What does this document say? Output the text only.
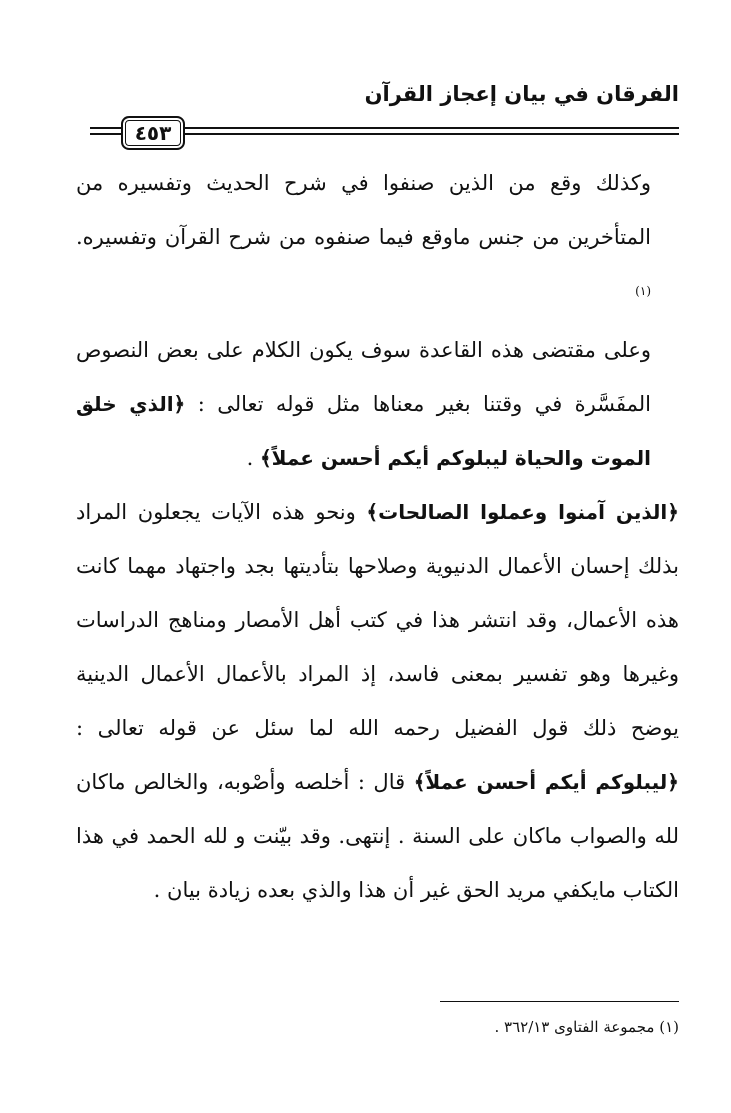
الفرقان في بيان إعجاز القرآن
٤٥٣

وكذلك وقع من الذين صنفوا في شرح الحديث وتفسيره من المتأخرين من جنس ماوقع فيما صنفوه من شرح القرآن وتفسيره.$^{(١)}$

وعلى مقتضى هذه القاعدة سوف يكون الكلام على بعض النصوص المفَسَّرة في وقتنا بغير معناها مثل قوله تعالى : ﴿الذي خلق الموت والحياة ليبلوكم أيكم أحسن عملاً﴾ .

﴿الذين آمنوا وعملوا الصالحات﴾ ونحو هذه الآيات يجعلون المراد بذلك إحسان الأعمال الدنيوية وصلاحها بتأديتها بجد واجتهاد مهما كانت هذه الأعمال، وقد انتشر هذا في كتب أهل الأمصار ومناهج الدراسات وغيرها وهو تفسير بمعنى فاسد، إذ المراد بالأعمال الأعمال الدينية يوضح ذلك قول الفضيل رحمه الله لما سئل عن قوله تعالى : ﴿ليبلوكم أيكم أحسن عملاً﴾ قال : أخلصه وأصْوبه، والخالص ماكان لله والصواب ماكان على السنة . إنتهى. وقد بيّنت و لله الحمد في هذا الكتاب مايكفي مريد الحق غير أن هذا والذي بعده زيادة بيان .

(١) مجموعة الفتاوى ٣٦٢/١٣ .
